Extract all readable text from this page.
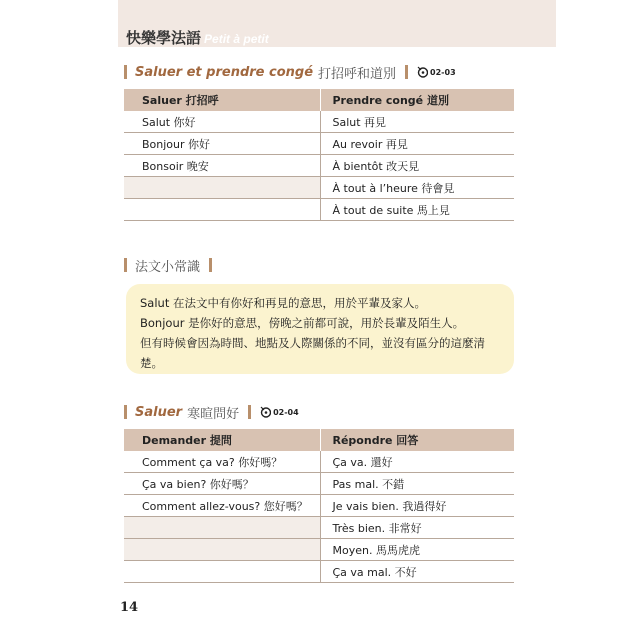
快樂學法語 Petit à petit
Saluer et prendre congé 打招呼和道別	02-03
Saluer 打招呼	Prendre congé 道別
Salut 你好	Salut 再見
Bonjour 你好	Au revoir 再見
Bonsoir 晚安	À bientôt 改天見
	À tout à l’heure 待會見
	À tout de suite 馬上見
法文小常識
Salut 在法文中有你好和再見的意思，用於平輩及家人。
Bonjour 是你好的意思，傍晚之前都可說，用於長輩及陌生人。
但有時候會因為時間、地點及人際關係的不同，並沒有區分的這麼清
楚。
Saluer 寒暄問好	02-04
Demander 提問	Répondre 回答
Comment ça va? 你好嗎？	Ça va. 還好
Ça va bien? 你好嗎？	Pas mal. 不錯
Comment allez-vous? 您好嗎？	Je vais bien. 我過得好
	Très bien. 非常好
	Moyen. 馬馬虎虎
	Ça va mal. 不好
14
